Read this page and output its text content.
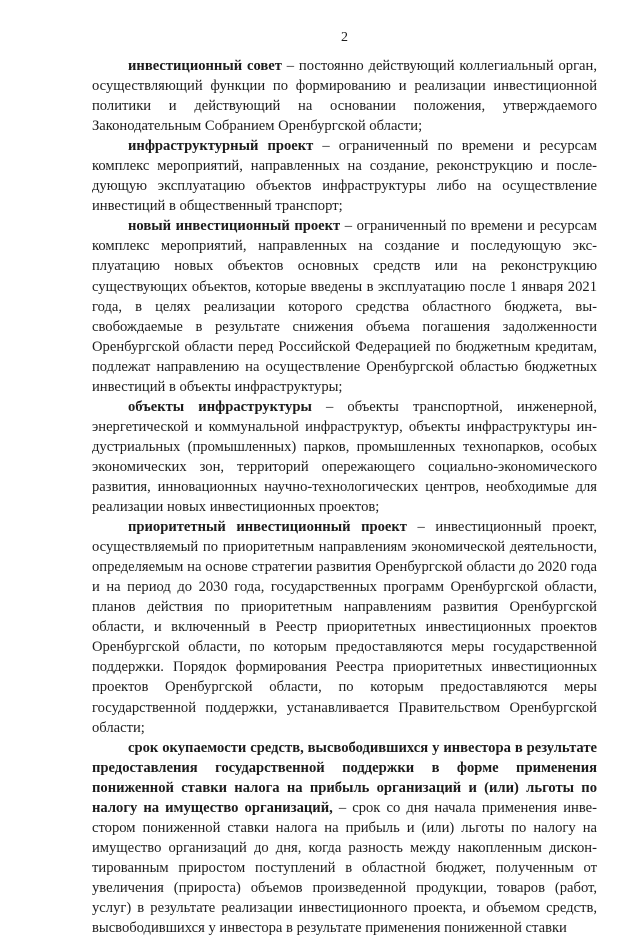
2

инвестиционный совет – постоянно действующий коллегиальный орган, осуществляющий функции по формированию и реализации инвестиционной политики и действующий на основании положения, утверждаемого Законодательным Собранием Оренбургской области;

инфраструктурный проект – ограниченный по времени и ресурсам комплекс мероприятий, направленных на создание, реконструкцию и последующую эксплуатацию объектов инфраструктуры либо на осуществление инвестиций в общественный транспорт;

новый инвестиционный проект – ограниченный по времени и ресурсам комплекс мероприятий, направленных на создание и последующую эксплуатацию новых объектов основных средств или на реконструкцию существующих объектов, которые введены в эксплуатацию после 1 января 2021 года, в целях реализации которого средства областного бюджета, высвобождаемые в результате снижения объема погашения задолженности Оренбургской области перед Российской Федерацией по бюджетным кредитам, подлежат направлению на осуществление Оренбургской областью бюджетных инвестиций в объекты инфраструктуры;

объекты инфраструктуры – объекты транспортной, инженерной, энергетической и коммунальной инфраструктур, объекты инфраструктуры индустриальных (промышленных) парков, промышленных технопарков, особых экономических зон, территорий опережающего социально-экономического развития, инновационных научно-технологических центров, необходимые для реализации новых инвестиционных проектов;

приоритетный инвестиционный проект – инвестиционный проект, осуществляемый по приоритетным направлениям экономической деятельности, определяемым на основе стратегии развития Оренбургской области до 2020 года и на период до 2030 года, государственных программ Оренбургской области, планов действия по приоритетным направлениям развития Оренбургской области, и включенный в Реестр приоритетных инвестиционных проектов Оренбургской области, по которым предоставляются меры государственной поддержки. Порядок формирования Реестра приоритетных инвестиционных проектов Оренбургской области, по которым предоставляются меры государственной поддержки, устанавливается Правительством Оренбургской области;

срок окупаемости средств, высвободившихся у инвестора в результате предоставления государственной поддержки в форме применения пониженной ставки налога на прибыль организаций и (или) льготы по налогу на имущество организаций, – срок со дня начала применения инвестором пониженной ставки налога на прибыль и (или) льготы по налогу на имущество организаций до дня, когда разность между накопленным дисконтированным приростом поступлений в областной бюджет, полученным от увеличения (прироста) объемов произведенной продукции, товаров (работ, услуг) в результате реализации инвестиционного проекта, и объемом средств, высвободившихся у инвестора в результате применения пониженной ставки
